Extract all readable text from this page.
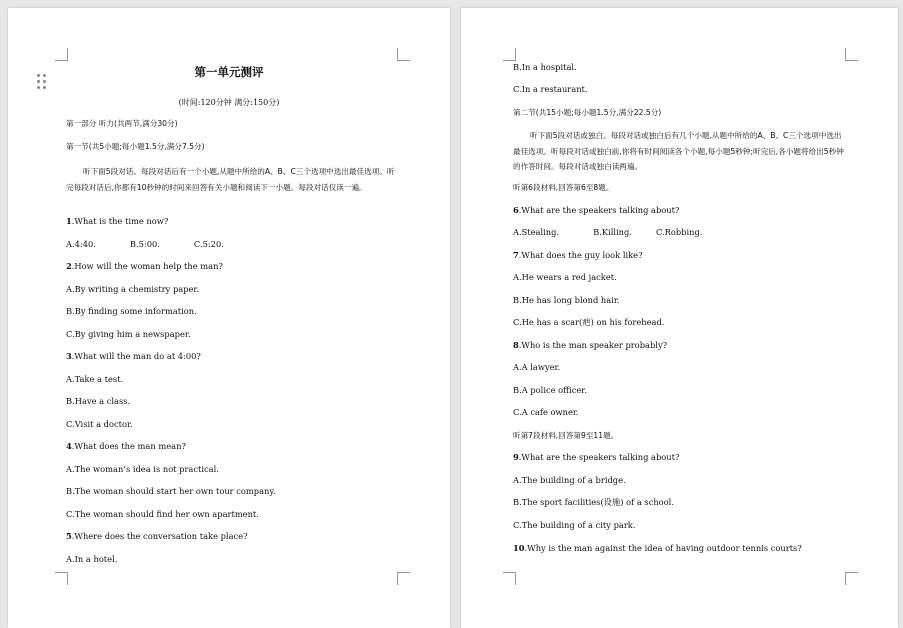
第一单元测评
(时间:120分钟 满分:150分)
第一部分 听力(共两节,满分30分)
第一节(共5小题;每小题1.5分,满分7.5分)
听下面5段对话。每段对话后有一个小题,从题中所给的A、B、C三个选项中选出最佳选项。听完每段对话后,你都有10秒钟的时间来回答有关小题和阅读下一小题。每段对话仅读一遍。
1.What is the time now?
A.4:40.	B.5:00.	C.5:20.
2.How will the woman help the man?
A.By writing a chemistry paper.
B.By finding some information.
C.By giving him a newspaper.
3.What will the man do at 4:00?
A.Take a test.
B.Have a class.
C.Visit a doctor.
4.What does the man mean?
A.The woman’s idea is not practical.
B.The woman should start her own tour company.
C.The woman should find her own apartment.
5.Where does the conversation take place?
A.In a hotel.
B.In a hospital.
C.In a restaurant.
第二节(共15小题;每小题1.5分,满分22.5分)
听下面5段对话或独白。每段对话或独白后有几个小题,从题中所给的A、B、C三个选项中选出最佳选项。听每段对话或独白前,你将有时间阅读各个小题,每小题5秒钟;听完后,各小题将给出5秒钟的作答时间。每段对话或独白读两遍。
听第6段材料,回答第6至8题。
6.What are the speakers talking about?
A.Stealing.	B.Killing.	C.Robbing.
7.What does the guy look like?
A.He wears a red jacket.
B.He has long blond hair.
C.He has a scar(疤) on his forehead.
8.Who is the man speaker probably?
A.A lawyer.
B.A police officer.
C.A cafe owner.
听第7段材料,回答第9至11题。
9.What are the speakers talking about?
A.The building of a bridge.
B.The sport facilities(设施) of a school.
C.The building of a city park.
10.Why is the man against the idea of having outdoor tennis courts?
